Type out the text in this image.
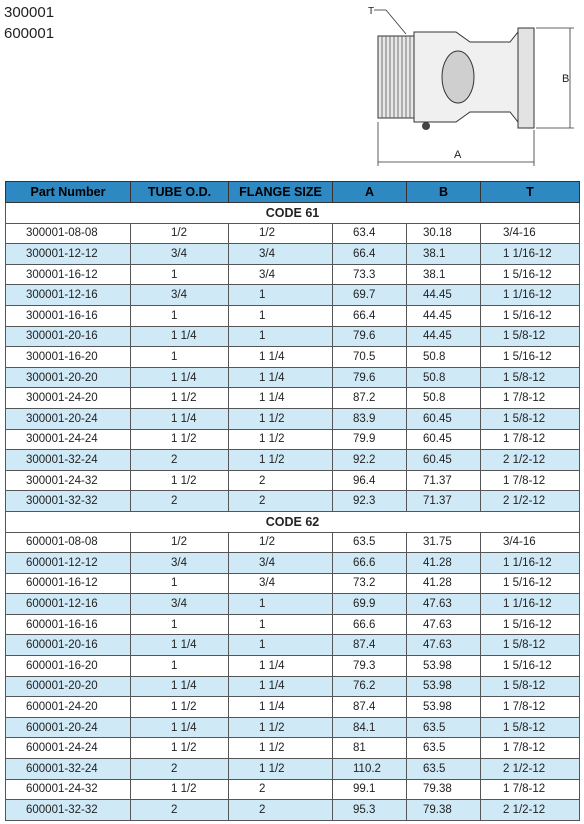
300001
600001
T
B
A
Part Number	TUBE O.D.	FLANGE SIZE	A	B	T
CODE 61					
300001-08-08	1/2	1/2	63.4	30.18	3/4-16
300001-12-12	3/4	3/4	66.4	38.1	1 1/16-12
300001-16-12	1	3/4	73.3	38.1	1 5/16-12
300001-12-16	3/4	1	69.7	44.45	1 1/16-12
300001-16-16	1	1	66.4	44.45	1 5/16-12
300001-20-16	1 1/4	1	79.6	44.45	1 5/8-12
300001-16-20	1	1 1/4	70.5	50.8	1 5/16-12
300001-20-20	1 1/4	1 1/4	79.6	50.8	1 5/8-12
300001-24-20	1 1/2	1 1/4	87.2	50.8	1 7/8-12
300001-20-24	1 1/4	1 1/2	83.9	60.45	1 5/8-12
300001-24-24	1 1/2	1 1/2	79.9	60.45	1 7/8-12
300001-32-24	2	1 1/2	92.2	60.45	2 1/2-12
300001-24-32	1 1/2	2	96.4	71.37	1 7/8-12
300001-32-32	2	2	92.3	71.37	2 1/2-12
CODE 62					
600001-08-08	1/2	1/2	63.5	31.75	3/4-16
600001-12-12	3/4	3/4	66.6	41.28	1 1/16-12
600001-16-12	1	3/4	73.2	41.28	1 5/16-12
600001-12-16	3/4	1	69.9	47.63	1 1/16-12
600001-16-16	1	1	66.6	47.63	1 5/16-12
600001-20-16	1 1/4	1	87.4	47.63	1 5/8-12
600001-16-20	1	1 1/4	79.3	53.98	1 5/16-12
600001-20-20	1 1/4	1 1/4	76.2	53.98	1 5/8-12
600001-24-20	1 1/2	1 1/4	87.4	53.98	1 7/8-12
600001-20-24	1 1/4	1 1/2	84.1	63.5	1 5/8-12
600001-24-24	1 1/2	1 1/2	81	63.5	1 7/8-12
600001-32-24	2	1 1/2	110.2	63.5	2 1/2-12
600001-24-32	1 1/2	2	99.1	79.38	1 7/8-12
600001-32-32	2	2	95.3	79.38	2 1/2-12
